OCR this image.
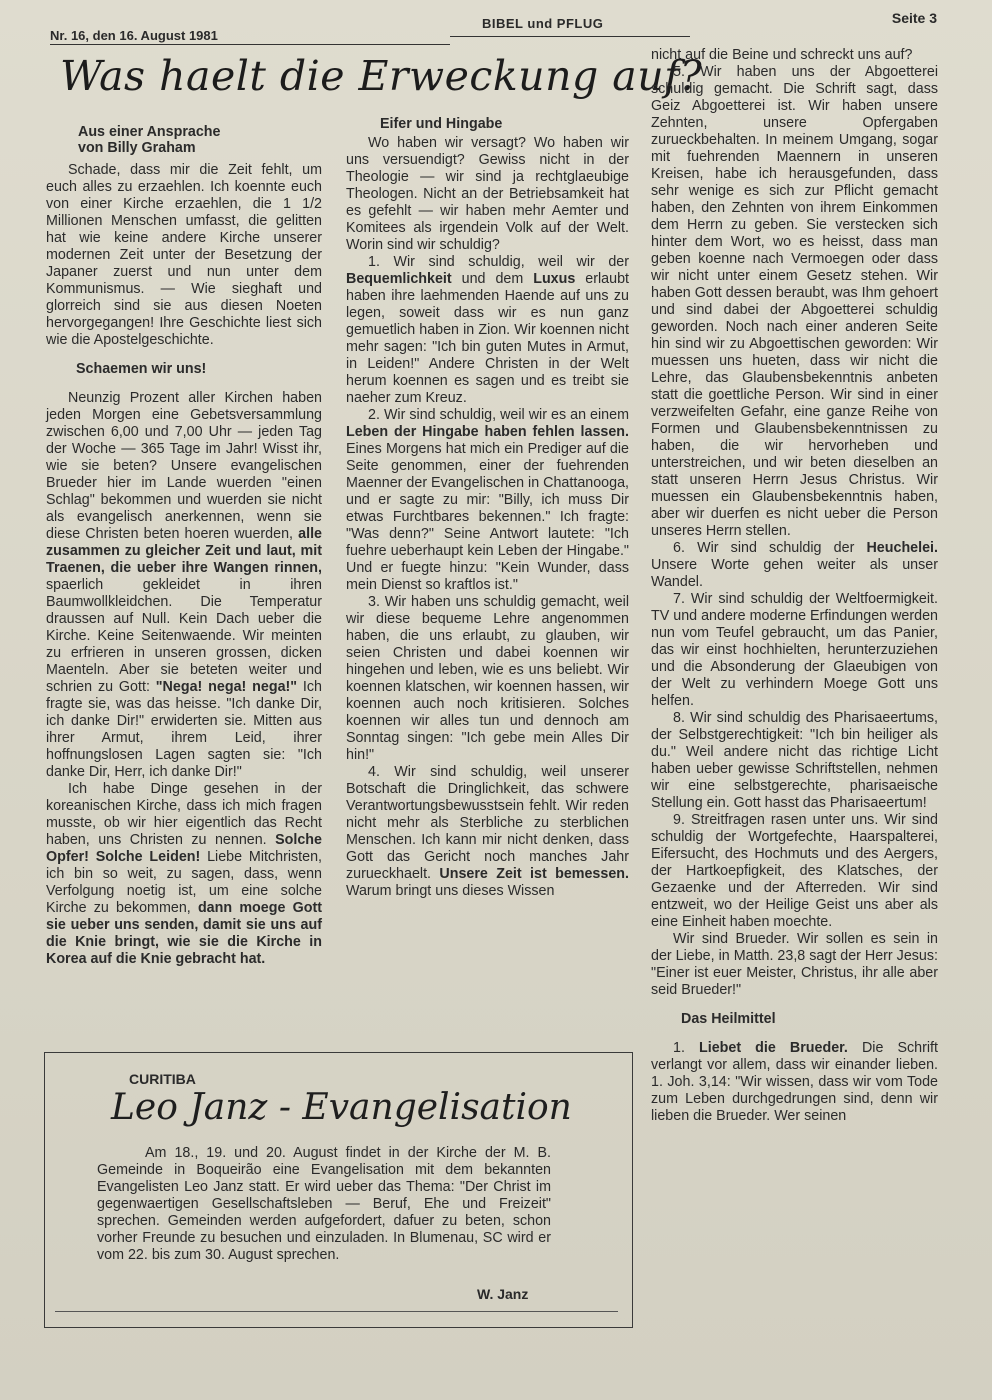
Nr. 16, den 16. August 1981
BIBEL und PFLUG	Seite 3
Was haelt die Erweckung auf?

Aus einer Ansprache

von Billy Graham

Schade, dass mir die Zeit fehlt, um euch alles zu erzaehlen. Ich koennte euch von einer Kirche erzaehlen, die 1 1/2 Millionen Menschen umfasst, die gelitten hat wie keine andere Kirche unserer modernen Zeit unter der Besetzung der Japaner zuerst und nun unter dem Kommunismus. — Wie sieghaft und glorreich sind sie aus diesen Noeten hervorgegangen! Ihre Geschichte liest sich wie die Apostelgeschichte.

Schaemen wir uns!

Neunzig Prozent aller Kirchen haben jeden Morgen eine Gebetsversammlung zwischen 6,00 und 7,00 Uhr — jeden Tag der Woche — 365 Tage im Jahr! Wisst ihr, wie sie beten? Unsere evangelischen Brueder hier im Lande wuerden "einen Schlag" bekommen und wuerden sie nicht als evangelisch anerkennen, wenn sie diese Christen beten hoeren wuerden, alle zusammen zu gleicher Zeit und laut, mit Traenen, die ueber ihre Wangen rinnen, spaerlich gekleidet in ihren Baumwollkleidchen. Die Temperatur draussen auf Null. Kein Dach ueber die Kirche. Keine Seitenwaende. Wir meinten zu erfrieren in unseren grossen, dicken Maenteln. Aber sie beteten weiter und schrien zu Gott: "Nega! nega! nega!" Ich fragte sie, was das heisse. "Ich danke Dir, ich danke Dir!" erwiderten sie. Mitten aus ihrer Armut, ihrem Leid, ihrer hoffnungslosen Lagen sagten sie: "Ich danke Dir, Herr, ich danke Dir!"

Ich habe Dinge gesehen in der koreanischen Kirche, dass ich mich fragen musste, ob wir hier eigentlich das Recht haben, uns Christen zu nennen. Solche Opfer! Solche Leiden! Liebe Mitchristen, ich bin so weit, zu sagen, dass, wenn Verfolgung noetig ist, um eine solche Kirche zu bekommen, dann moege Gott sie ueber uns senden, damit sie uns auf die Knie bringt, wie sie die Kirche in Korea auf die Knie gebracht hat.

Eifer und Hingabe

Wo haben wir versagt? Wo haben wir uns versuendigt? Gewiss nicht in der Theologie — wir sind ja rechtglaeubige Theologen. Nicht an der Betriebsamkeit hat es gefehlt — wir haben mehr Aemter und Komitees als irgendein Volk auf der Welt. Worin sind wir schuldig?

1. Wir sind schuldig, weil wir der Bequemlichkeit und dem Luxus erlaubt haben ihre laehmenden Haende auf uns zu legen, soweit dass wir es nun ganz gemuetlich haben in Zion. Wir koennen nicht mehr sagen: "Ich bin guten Mutes in Armut, in Leiden!" Andere Christen in der Welt herum koennen es sagen und es treibt sie naeher zum Kreuz.

2. Wir sind schuldig, weil wir es an einem Leben der Hingabe haben fehlen lassen. Eines Morgens hat mich ein Prediger auf die Seite genommen, einer der fuehrenden Maenner der Evangelischen in Chattanooga, und er sagte zu mir: "Billy, ich muss Dir etwas Furchtbares bekennen." Ich fragte: "Was denn?" Seine Antwort lautete: "Ich fuehre ueberhaupt kein Leben der Hingabe." Und er fuegte hinzu: "Kein Wunder, dass mein Dienst so kraftlos ist."

3. Wir haben uns schuldig gemacht, weil wir diese bequeme Lehre angenommen haben, die uns erlaubt, zu glauben, wir seien Christen und dabei koennen wir hingehen und leben, wie es uns beliebt. Wir koennen klatschen, wir koennen hassen, wir koennen auch noch kritisieren. Solches koennen wir alles tun und dennoch am Sonntag singen: "Ich gebe mein Alles Dir hin!"

4. Wir sind schuldig, weil unserer Botschaft die Dringlichkeit, das schwere Verantwortungsbewusstsein fehlt. Wir reden nicht mehr als Sterbliche zu sterblichen Menschen. Ich kann mir nicht denken, dass Gott das Gericht noch manches Jahr zurueckhaelt. Unsere Zeit ist bemessen. Warum bringt uns dieses Wissen

nicht auf die Beine und schreckt uns auf?

5. Wir haben uns der Abgoetterei schuldig gemacht. Die Schrift sagt, dass Geiz Abgoetterei ist. Wir haben unsere Zehnten, unsere Opfergaben zurueckbehalten. In meinem Umgang, sogar mit fuehrenden Maennern in unseren Kreisen, habe ich herausgefunden, dass sehr wenige es sich zur Pflicht gemacht haben, den Zehnten von ihrem Einkommen dem Herrn zu geben. Sie verstecken sich hinter dem Wort, wo es heisst, dass man geben koenne nach Vermoegen oder dass wir nicht unter einem Gesetz stehen. Wir haben Gott dessen beraubt, was Ihm gehoert und sind dabei der Abgoetterei schuldig geworden. Noch nach einer anderen Seite hin sind wir zu Abgoettischen geworden: Wir muessen uns hueten, dass wir nicht die Lehre, das Glaubensbekenntnis anbeten statt die goettliche Person. Wir sind in einer verzweifelten Gefahr, eine ganze Reihe von Formen und Glaubensbekenntnissen zu haben, die wir hervorheben und unterstreichen, und wir beten dieselben an statt unseren Herrn Jesus Christus. Wir muessen ein Glaubensbekenntnis haben, aber wir duerfen es nicht ueber die Person unseres Herrn stellen.

6. Wir sind schuldig der Heuchelei. Unsere Worte gehen weiter als unser Wandel.

7. Wir sind schuldig der Weltfoermigkeit. TV und andere moderne Erfindungen werden nun vom Teufel gebraucht, um das Panier, das wir einst hochhielten, herunterzuziehen und die Absonderung der Glaeubigen von der Welt zu verhindern Moege Gott uns helfen.

8. Wir sind schuldig des Pharisaeertums, der Selbstgerechtigkeit: "Ich bin heiliger als du." Weil andere nicht das richtige Licht haben ueber gewisse Schriftstellen, nehmen wir eine selbstgerechte, pharisaeische Stellung ein. Gott hasst das Pharisaeertum!

9. Streitfragen rasen unter uns. Wir sind schuldig der Wortgefechte, Haarspalterei, Eifersucht, des Hochmuts und des Aergers, der Hartkoepfigkeit, des Klatsches, der Gezaenke und der Afterreden. Wir sind entzweit, wo der Heilige Geist uns aber als eine Einheit haben moechte.

Wir sind Brueder. Wir sollen es sein in der Liebe, in Matth. 23,8 sagt der Herr Jesus: "Einer ist euer Meister, Christus, ihr alle aber seid Brueder!"

Das Heilmittel

1. Liebet die Brueder. Die Schrift verlangt vor allem, dass wir einander lieben. 1. Joh. 3,14: "Wir wissen, dass wir vom Tode zum Leben durchgedrungen sind, denn wir lieben die Brueder. Wer seinen

CURITIBA
Leo Janz - Evangelisation
Am 18., 19. und 20. August findet in der Kirche der M. B. Gemeinde in Boqueirão eine Evangelisation mit dem bekannten Evangelisten Leo Janz statt. Er wird ueber das Thema: "Der Christ im gegenwaertigen Gesellschaftsleben — Beruf, Ehe und Freizeit" sprechen. Gemeinden werden aufgefordert, dafuer zu beten, schon vorher Freunde zu besuchen und einzuladen. In Blumenau, SC wird er vom 22. bis zum 30. August sprechen.
W. Janz
